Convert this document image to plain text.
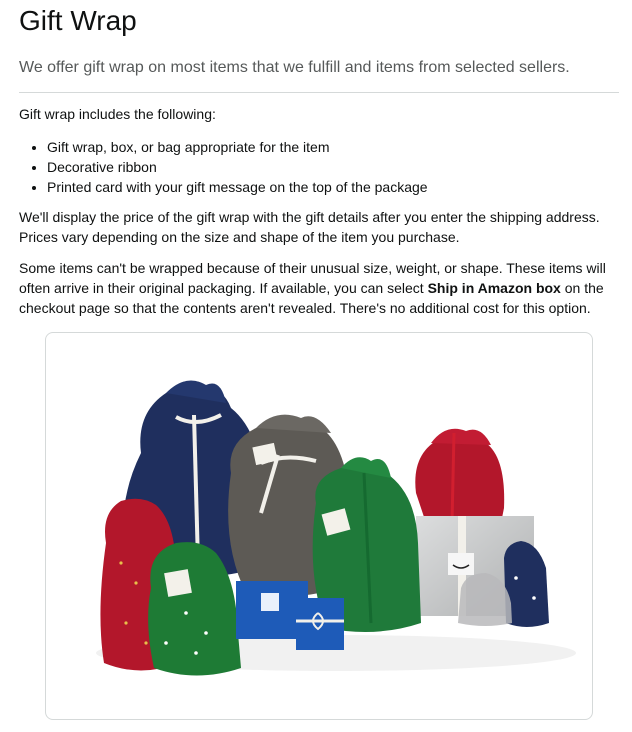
Gift Wrap
We offer gift wrap on most items that we fulfill and items from selected sellers.
Gift wrap includes the following:
• Gift wrap, box, or bag appropriate for the item
• Decorative ribbon
• Printed card with your gift message on the top of the package
We'll display the price of the gift wrap with the gift details after you enter the shipping address. Prices vary depending on the size and shape of the item you purchase.
Some items can't be wrapped because of their unusual size, weight, or shape. These items will often arrive in their original packaging. If available, you can select Ship in Amazon box on the checkout page so that the contents aren't revealed. There's no additional cost for this option.
